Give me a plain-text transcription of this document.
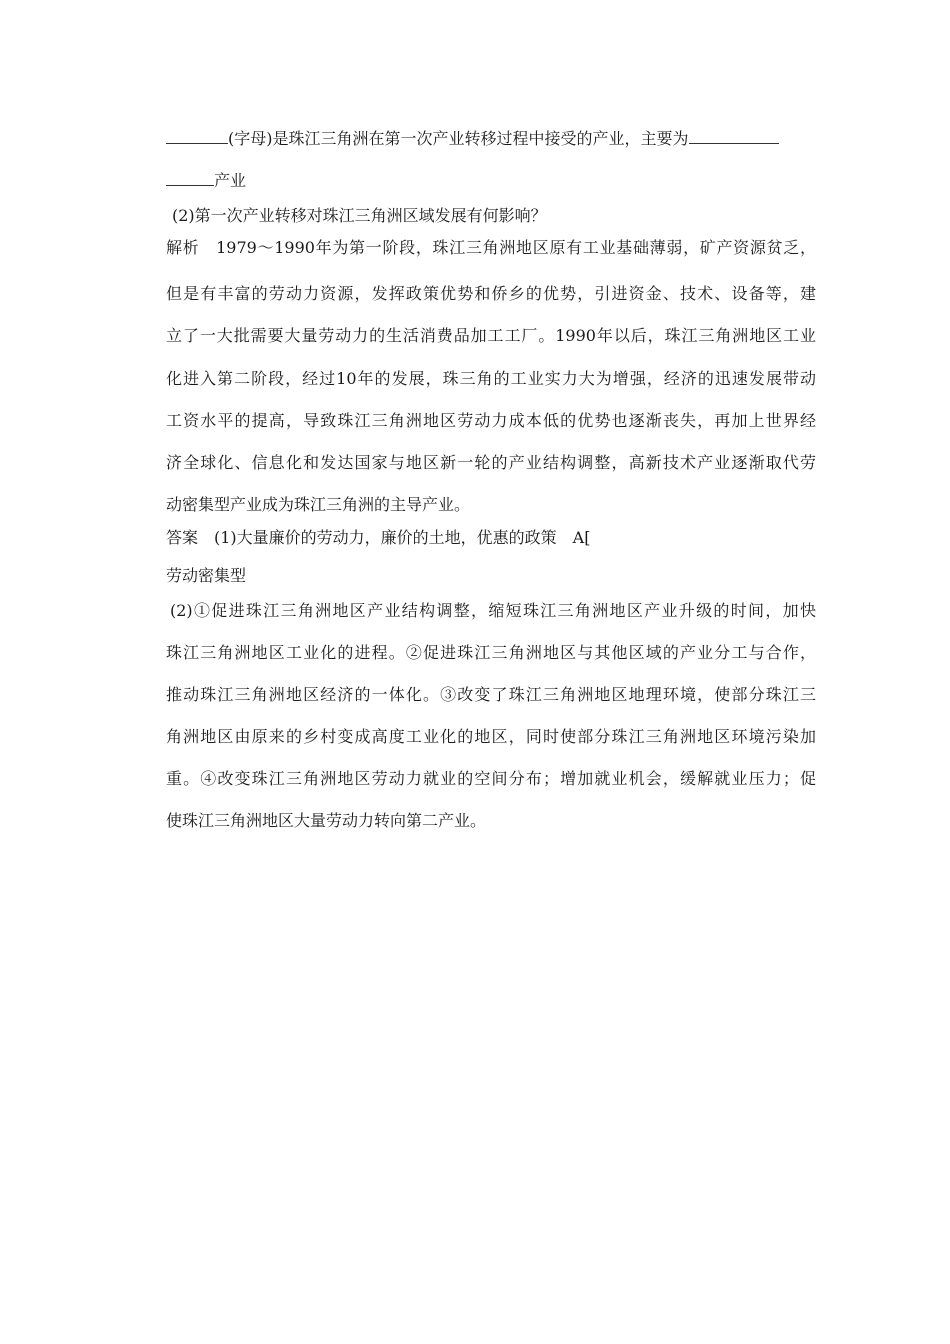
(字母)是珠江三角洲在第一次产业转移过程中接受的产业，主要为
产业
(2)第一次产业转移对珠江三角洲区域发展有何影响？
解析　1979～1990年为第一阶段，珠江三角洲地区原有工业基础薄弱，矿产资源贫乏，
但是有丰富的劳动力资源，发挥政策优势和侨乡的优势，引进资金、技术、设备等，建
立了一大批需要大量劳动力的生活消费品加工工厂。1990年以后，珠江三角洲地区工业
化进入第二阶段，经过10年的发展，珠三角的工业实力大为增强，经济的迅速发展带动
工资水平的提高，导致珠江三角洲地区劳动力成本低的优势也逐渐丧失，再加上世界经
济全球化、信息化和发达国家与地区新一轮的产业结构调整，高新技术产业逐渐取代劳
动密集型产业成为珠江三角洲的主导产业。
答案　(1)大量廉价的劳动力，廉价的土地，优惠的政策　A[
劳动密集型
(2)①促进珠江三角洲地区产业结构调整，缩短珠江三角洲地区产业升级的时间，加快
珠江三角洲地区工业化的进程。②促进珠江三角洲地区与其他区域的产业分工与合作，
推动珠江三角洲地区经济的一体化。③改变了珠江三角洲地区地理环境，使部分珠江三
角洲地区由原来的乡村变成高度工业化的地区，同时使部分珠江三角洲地区环境污染加
重。④改变珠江三角洲地区劳动力就业的空间分布；增加就业机会，缓解就业压力；促
使珠江三角洲地区大量劳动力转向第二产业。
